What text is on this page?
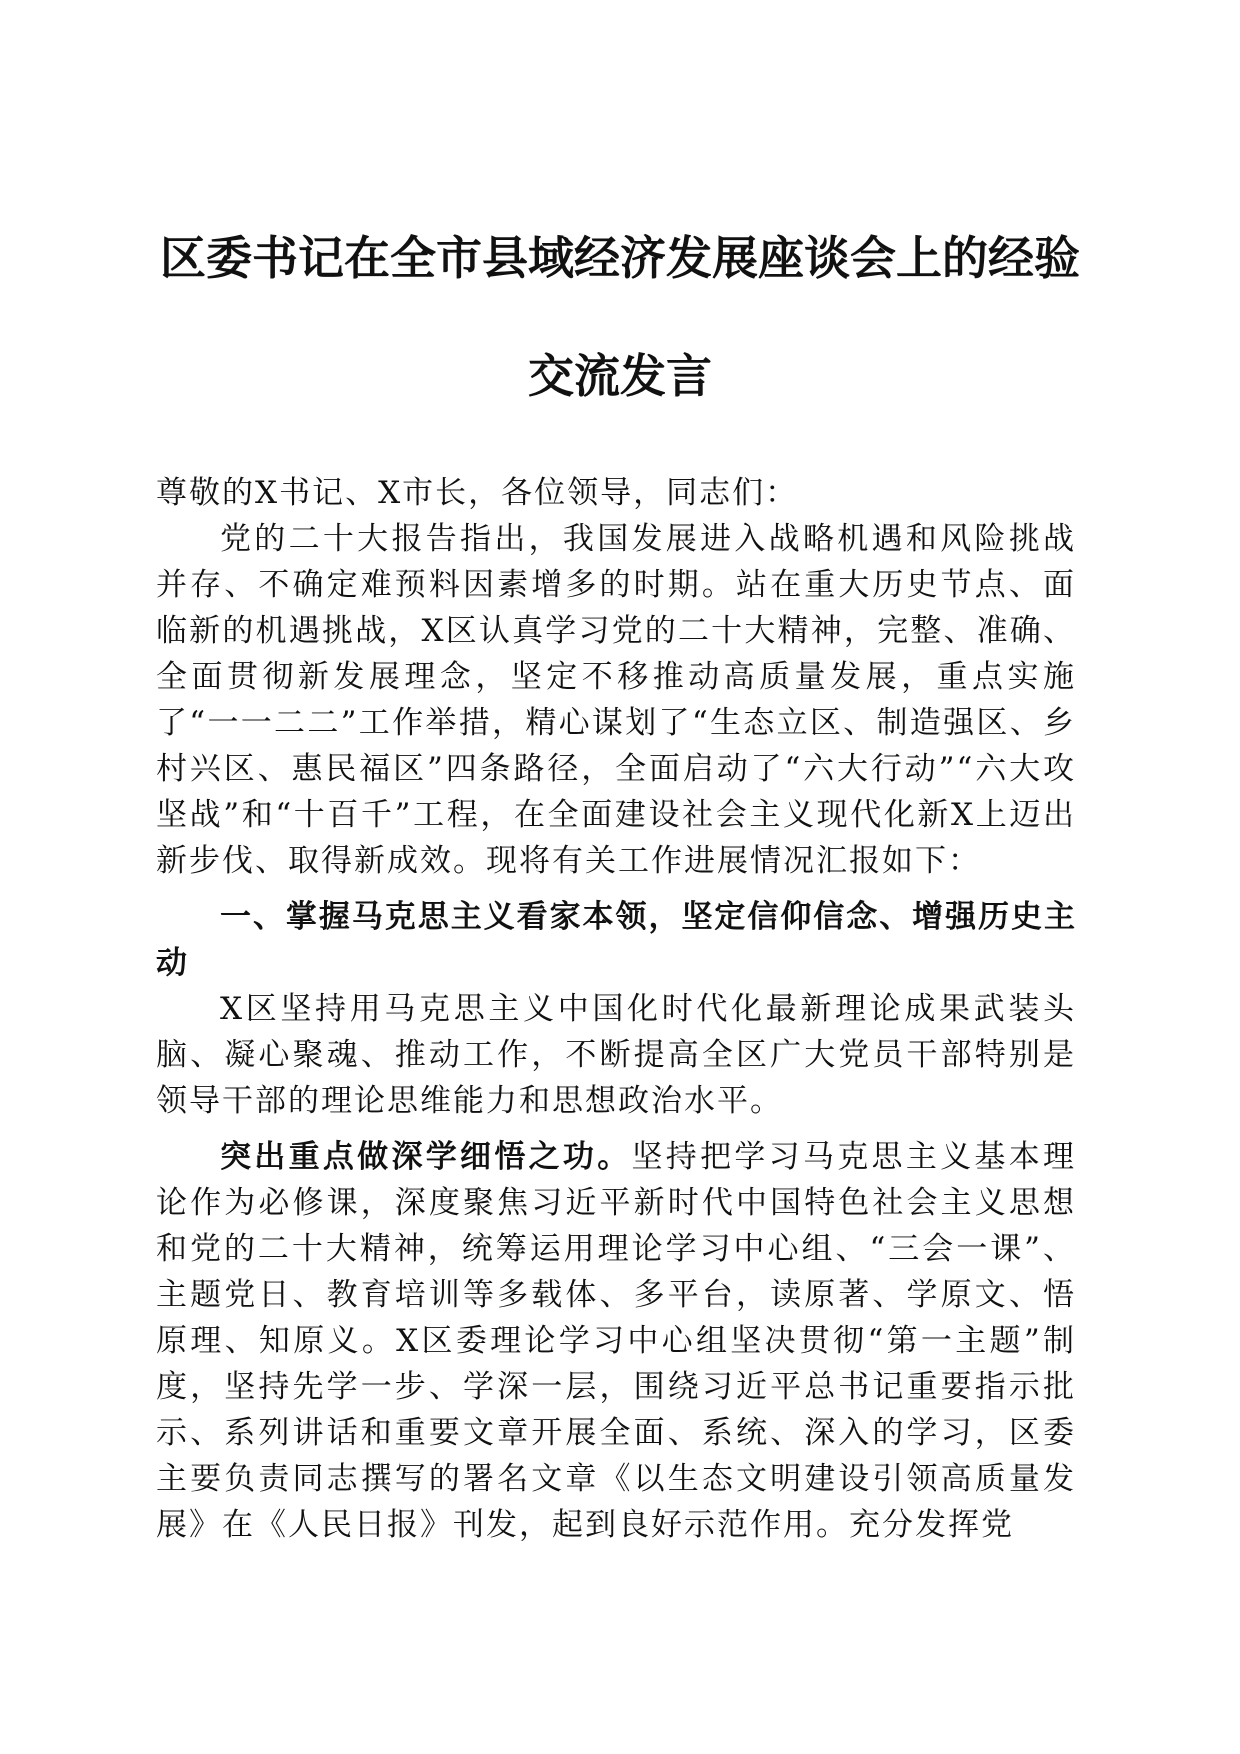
区委书记在全市县域经济发展座谈会上的经验
交流发言

尊敬的X书记、X市长，各位领导，同志们：

党的二十大报告指出，我国发展进入战略机遇和风险挑战并存、不确定难预料因素增多的时期。站在重大历史节点、面临新的机遇挑战，X区认真学习党的二十大精神，完整、准确、全面贯彻新发展理念，坚定不移推动高质量发展，重点实施了“一一二二”工作举措，精心谋划了“生态立区、制造强区、乡村兴区、惠民福区”四条路径，全面启动了“六大行动”“六大攻坚战”和“十百千”工程，在全面建设社会主义现代化新X上迈出新步伐、取得新成效。现将有关工作进展情况汇报如下：

一、掌握马克思主义看家本领，坚定信仰信念、增强历史主动

X区坚持用马克思主义中国化时代化最新理论成果武装头脑、凝心聚魂、推动工作，不断提高全区广大党员干部特别是领导干部的理论思维能力和思想政治水平。

突出重点做深学细悟之功。坚持把学习马克思主义基本理论作为必修课，深度聚焦习近平新时代中国特色社会主义思想和党的二十大精神，统筹运用理论学习中心组、“三会一课”、主题党日、教育培训等多载体、多平台，读原著、学原文、悟原理、知原义。X区委理论学习中心组坚决贯彻“第一主题”制度，坚持先学一步、学深一层，围绕习近平总书记重要指示批示、系列讲话和重要文章开展全面、系统、深入的学习，区委主要负责同志撰写的署名文章《以生态文明建设引领高质量发展》在《人民日报》刊发，起到良好示范作用。充分发挥党
